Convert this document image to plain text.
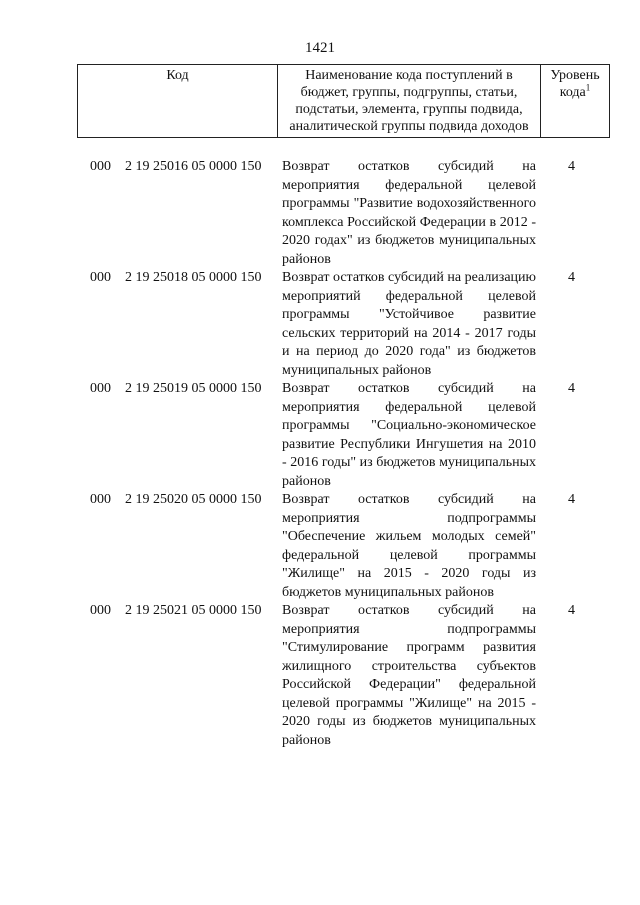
1421
Код	Наименование кода поступлений в бюджет, группы, подгруппы, статьи, подстатьи, элемента, группы подвида, аналитической группы подвида доходов
Уровень кода$^1$
000 2 19 25016 05 0000 150 Возврат остатков субсидий на мероприятия федеральной целевой программы "Развитие водохозяйственного комплекса Российской Федерации в 2012 - 2020 годах" из бюджетов муниципальных районов
4
000 2 19 25018 05 0000 150 Возврат остатков субсидий на реализацию мероприятий федеральной целевой программы "Устойчивое развитие сельских территорий на 2014 - 2017 годы и на период до 2020 года" из бюджетов муниципальных районов
4
000 2 19 25019 05 0000 150 Возврат остатков субсидий на мероприятия федеральной целевой программы "Социально-экономическое развитие Республики Ингушетия на 2010 - 2016 годы" из бюджетов муниципальных районов
4
000 2 19 25020 05 0000 150 Возврат остатков субсидий на мероприятия подпрограммы "Обеспечение жильем молодых семей" федеральной целевой программы "Жилище" на 2015 - 2020 годы из бюджетов муниципальных районов
4
000 2 19 25021 05 0000 150 Возврат остатков субсидий на мероприятия подпрограммы "Стимулирование программ развития жилищного строительства субъектов Российской Федерации" федеральной целевой программы "Жилище" на 2015 - 2020 годы из бюджетов муниципальных районов
4
